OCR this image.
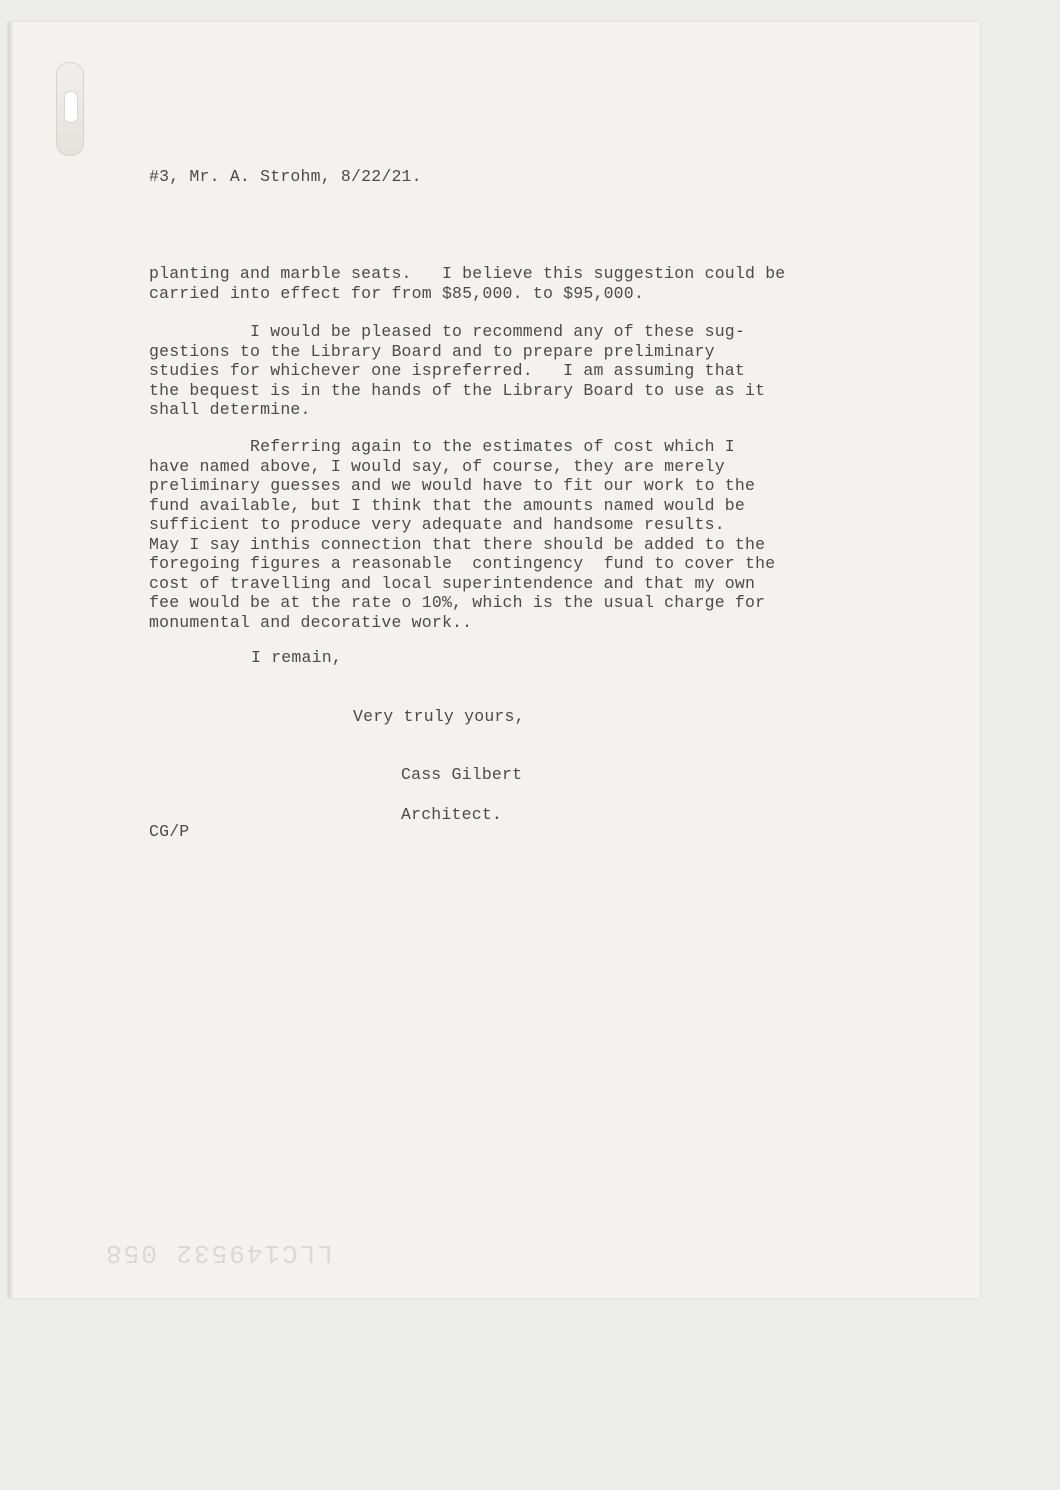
#3, Mr. A. Strohm, 8/22/21.

planting and marble seats.   I believe this suggestion could be
carried into effect for from $85,000. to $95,000.

I would be pleased to recommend any of these sug-
gestions to the Library Board and to prepare preliminary
studies for whichever one ispreferred.   I am assuming that
the bequest is in the hands of the Library Board to use as it
shall determine.

Referring again to the estimates of cost which I
have named above, I would say, of course, they are merely
preliminary guesses and we would have to fit our work to the
fund available, but I think that the amounts named would be
sufficient to produce very adequate and handsome results.
May I say inthis connection that there should be added to the
foregoing figures a reasonable  contingency  fund to cover the
cost of travelling and local superintendence and that my own
fee would be at the rate o 10%, which is the usual charge for
monumental and decorative work..

I remain,

Very truly yours,

Cass Gilbert

Architect.

CG/P

LLC149532 058
